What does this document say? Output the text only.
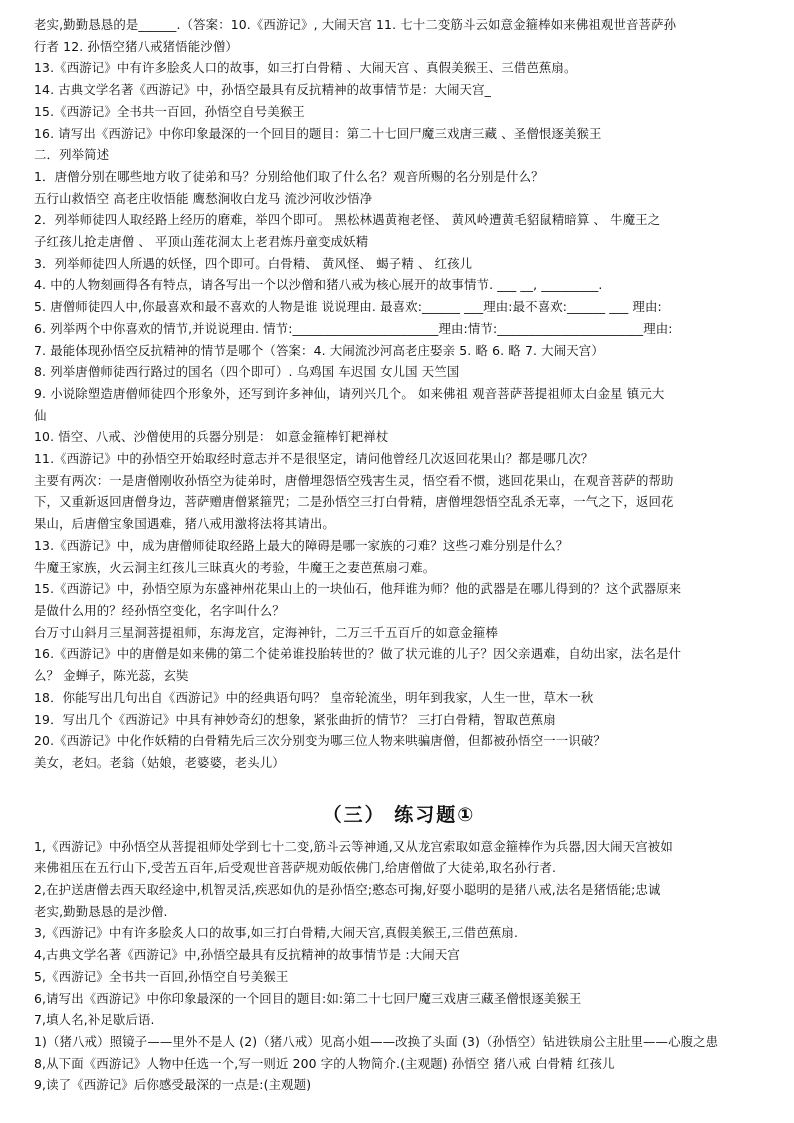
老实,勤勤恳恳的是______.（答案：10.《西游记》, 大闹天宫 11. 七十二变筋斗云如意金箍棒如来佛祖观世音菩萨孙
行者 12. 孙悟空猪八戒猪悟能沙僧）
13.《西游记》中有许多脍炙人口的故事，如三打白骨精 、大闹天宫 、真假美猴王、三借芭蕉扇。
14. 古典文学名著《西游记》中，孙悟空最具有反抗精神的故事情节是：大闹天宫_
15.《西游记》全书共一百回，孙悟空自号美猴王
16. 请写出《西游记》中你印象最深的一个回目的题目：第二十七回尸魔三戏唐三藏 、圣僧恨逐美猴王
二．列举简述
1．唐僧分别在哪些地方收了徒弟和马？分别给他们取了什么名？观音所赐的名分别是什么？
五行山救悟空 高老庄收悟能 鹰愁涧收白龙马 流沙河收沙悟净
2．列举师徒四人取经路上经历的磨难，举四个即可。 黑松林遇黄袍老怪、 黄风岭遭黄毛貂鼠精暗算 、 牛魔王之
子红孩儿抢走唐僧 、 平顶山莲花洞太上老君炼丹童变成妖精
3．列举师徒四人所遇的妖怪，四个即可。白骨精、 黄风怪、 蝎子精 、 红孩儿
4. 中的人物刻画得各有特点，请各写出一个以沙僧和猪八戒为核心展开的故事情节. ___ __, _________.
5. 唐僧师徒四人中,你最喜欢和最不喜欢的人物是谁 说说理由. 最喜欢:______ ___理由:最不喜欢:______ ___ 理由:
6. 列举两个中你喜欢的情节,并说说理由. 情节:_______________________理由:情节:_______________________理由:
7. 最能体现孙悟空反抗精神的情节是哪个（答案：4. 大闹流沙河高老庄娶亲 5. 略 6. 略 7. 大闹天宫）
8. 列举唐僧师徒西行路过的国名（四个即可）. 乌鸡国 车迟国 女儿国 天竺国
9. 小说除塑造唐僧师徒四个形象外，还写到许多神仙，请列兴几个。 如来佛祖 观音菩萨菩提祖师太白金星 镇元大
仙
10. 悟空、八戒、沙僧使用的兵器分别是： 如意金箍棒钉耙禅杖
11.《西游记》中的孙悟空开始取经时意志并不是很坚定，请问他曾经几次返回花果山？都是哪几次？
主要有两次：一是唐僧刚收孙悟空为徒弟时，唐僧埋怨悟空残害生灵，悟空看不惯，逃回花果山，在观音菩萨的帮助
下，又重新返回唐僧身边，菩萨赠唐僧紧箍咒；二是孙悟空三打白骨精，唐僧埋怨悟空乱杀无辜，一气之下，返回花
果山，后唐僧宝象国遇难，猪八戒用激将法将其请出。
13.《西游记》中，成为唐僧师徒取经路上最大的障碍是哪一家族的刁难？这些刁难分别是什么？
牛魔王家族，火云洞主红孩儿三昧真火的考验，牛魔王之妻芭蕉扇刁难。
15.《西游记》中，孙悟空原为东盛神州花果山上的一块仙石，他拜谁为师？他的武器是在哪儿得到的？这个武器原来
是做什么用的？经孙悟空变化，名字叫什么？
台万寸山斜月三星洞菩提祖师，东海龙宫，定海神针，二万三千五百斤的如意金箍棒
16.《西游记》中的唐僧是如来佛的第二个徒弟谁投胎转世的？做了状元谁的儿子？因父亲遇难，自幼出家，法名是什
么？ 金蝉子，陈光蕊，玄奘
18．你能写出几句出自《西游记》中的经典语句吗？ 皇帝轮流坐，明年到我家，人生一世，草木一秋
19．写出几个《西游记》中具有神妙奇幻的想象，紧张曲折的情节？ 三打白骨精，智取芭蕉扇
20.《西游记》中化作妖精的白骨精先后三次分别变为哪三位人物来哄骗唐僧，但都被孙悟空一一识破？
美女，老妇。老翁（姑娘，老婆婆，老头儿）
（三） 练习题①
1,《西游记》中孙悟空从菩提祖师处学到七十二变,筋斗云等神通,又从龙宫索取如意金箍棒作为兵器,因大闹天宫被如
来佛祖压在五行山下,受苦五百年,后受观世音菩萨规劝皈依佛门,给唐僧做了大徒弟,取名孙行者.
2,在护送唐僧去西天取经途中,机智灵活,疾恶如仇的是孙悟空;憨态可掬,好耍小聪明的是猪八戒,法名是猪悟能;忠诚
老实,勤勤恳恳的是沙僧.
3,《西游记》中有许多脍炙人口的故事,如三打白骨精,大闹天宫,真假美猴王,三借芭蕉扇.
4,古典文学名著《西游记》中,孙悟空最具有反抗精神的故事情节是 :大闹天宫
5,《西游记》全书共一百回,孙悟空自号美猴王
6,请写出《西游记》中你印象最深的一个回目的题目:如:第二十七回尸魔三戏唐三藏圣僧恨逐美猴王
7,填人名,补足歇后语.
1)（猪八戒）照镜子——里外不是人 (2)（猪八戒）见高小姐——改换了头面 (3)（孙悟空）钻进铁扇公主肚里——心腹之患
8,从下面《西游记》人物中任选一个,写一则近 200 字的人物简介.(主观题) 孙悟空 猪八戒 白骨精 红孩儿
9,读了《西游记》后你感受最深的一点是:(主观题)
